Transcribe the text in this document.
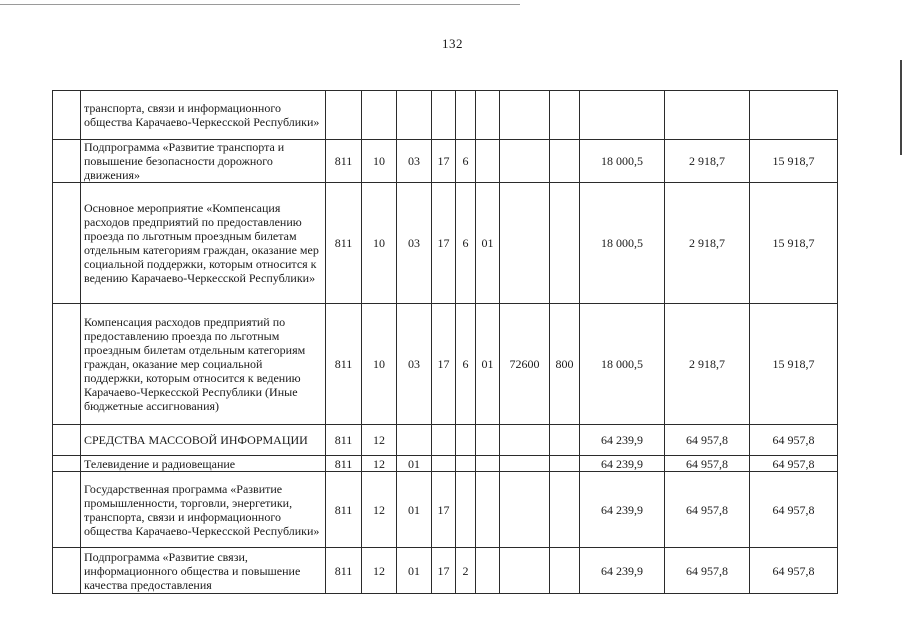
132
	транспорта, связи и информационного общества Карачаево-Черкесской Республики»											
	Подпрограмма «Развитие транспорта и повышение безопасности дорожного движения»	811	10	03	17	6				18 000,5	2 918,7	15 918,7
	Основное мероприятие «Компенсация расходов предприятий по предоставлению проезда по льготным проездным билетам отдельным категориям граждан, оказание мер социальной поддержки, которым относится к ведению Карачаево-Черкесской Республики»	811	10	03	17	6	01			18 000,5	2 918,7	15 918,7
	Компенсация расходов предприятий по предоставлению проезда по льготным проездным билетам отдельным категориям граждан, оказание мер социальной поддержки, которым относится к ведению Карачаево-Черкесской Республики (Иные бюджетные ассигнования)	811	10	03	17	6	01	72600	800	18 000,5	2 918,7	15 918,7
	СРЕДСТВА МАССОВОЙ ИНФОРМАЦИИ	811	12							64 239,9	64 957,8	64 957,8
	Телевидение и радиовещание	811	12	01						64 239,9	64 957,8	64 957,8
	Государственная программа «Развитие промышленности, торговли, энергетики, транспорта, связи и информационного общества Карачаево-Черкесской Республики»	811	12	01	17					64 239,9	64 957,8	64 957,8
	Подпрограмма «Развитие связи, информационного общества и повышение качества предоставления	811	12	01	17	2				64 239,9	64 957,8	64 957,8
